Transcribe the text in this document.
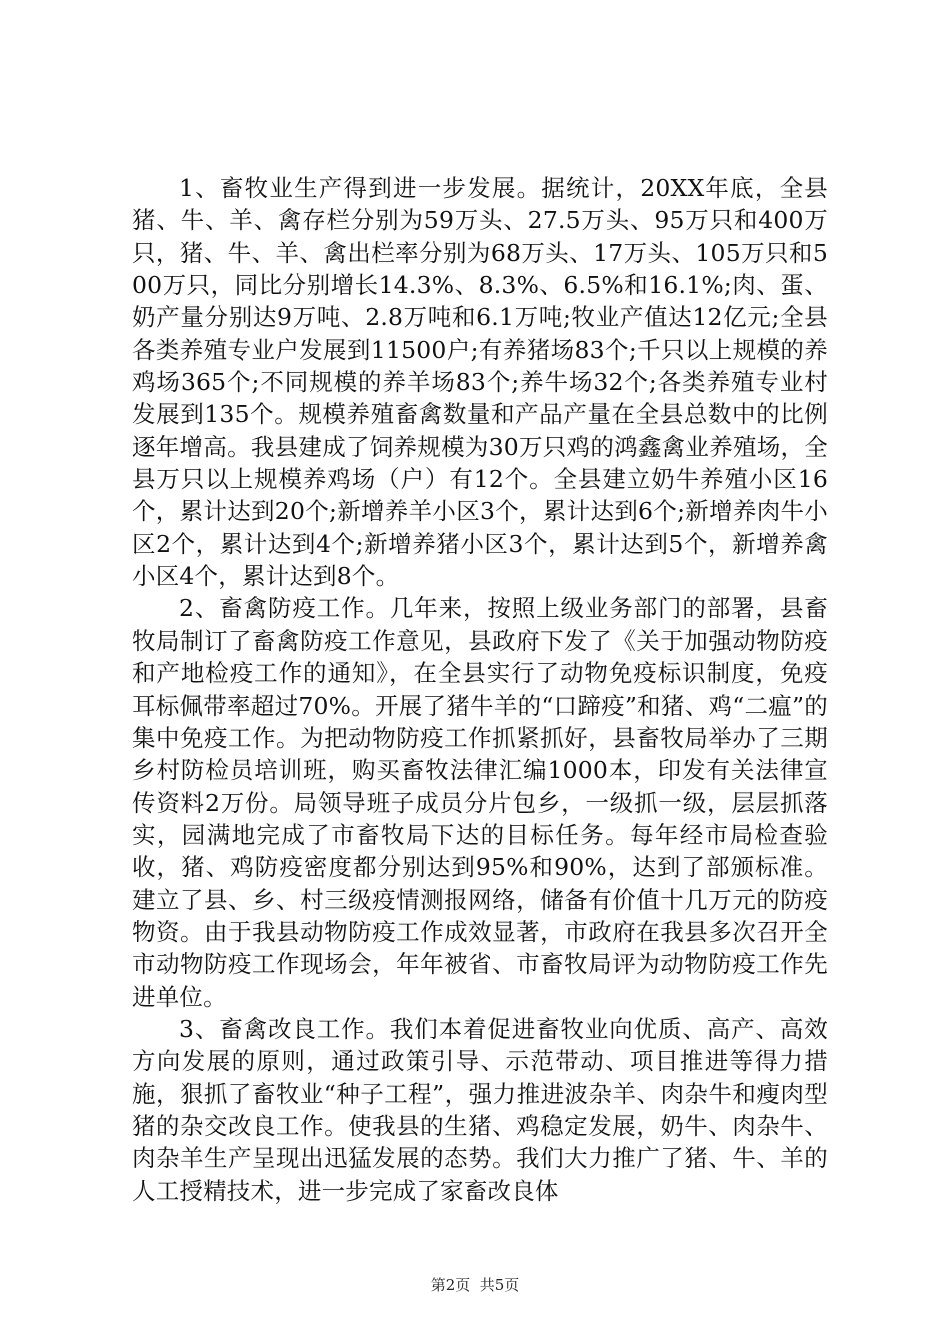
1、畜牧业生产得到进一步发展。据统计，20XX年底，全县猪、牛、羊、禽存栏分别为59万头、27.5万头、95万只和400万只，猪、牛、羊、禽出栏率分别为68万头、17万头、105万只和500万只，同比分别增长14.3%、8.3%、6.5%和16.1%;肉、蛋、奶产量分别达9万吨、2.8万吨和6.1万吨;牧业产值达12亿元;全县各类养殖专业户发展到11500户;有养猪场83个;千只以上规模的养鸡场365个;不同规模的养羊场83个;养牛场32个;各类养殖专业村发展到135个。规模养殖畜禽数量和产品产量在全县总数中的比例逐年增高。我县建成了饲养规模为30万只鸡的鸿鑫禽业养殖场，全县万只以上规模养鸡场（户）有12个。全县建立奶牛养殖小区16个，累计达到20个;新增养羊小区3个，累计达到6个;新增养肉牛小区2个，累计达到4个;新增养猪小区3个，累计达到5个，新增养禽小区4个，累计达到8个。

2、畜禽防疫工作。几年来，按照上级业务部门的部署，县畜牧局制订了畜禽防疫工作意见，县政府下发了《关于加强动物防疫和产地检疫工作的通知》，在全县实行了动物免疫标识制度，免疫耳标佩带率超过70%。开展了猪牛羊的“口蹄疫”和猪、鸡“二瘟”的集中免疫工作。为把动物防疫工作抓紧抓好，县畜牧局举办了三期乡村防检员培训班，购买畜牧法律汇编1000本，印发有关法律宣传资料2万份。局领导班子成员分片包乡，一级抓一级，层层抓落实，园满地完成了市畜牧局下达的目标任务。每年经市局检查验收，猪、鸡防疫密度都分别达到95%和90%，达到了部颁标准。建立了县、乡、村三级疫情测报网络，储备有价值十几万元的防疫物资。由于我县动物防疫工作成效显著，市政府在我县多次召开全市动物防疫工作现场会，年年被省、市畜牧局评为动物防疫工作先进单位。

3、畜禽改良工作。我们本着促进畜牧业向优质、高产、高效方向发展的原则，通过政策引导、示范带动、项目推进等得力措施，狠抓了畜牧业“种子工程”，强力推进波杂羊、肉杂牛和瘦肉型猪的杂交改良工作。使我县的生猪、鸡稳定发展，奶牛、肉杂牛、肉杂羊生产呈现出迅猛发展的态势。我们大力推广了猪、牛、羊的人工授精技术，进一步完成了家畜改良体

第2页  共5页
